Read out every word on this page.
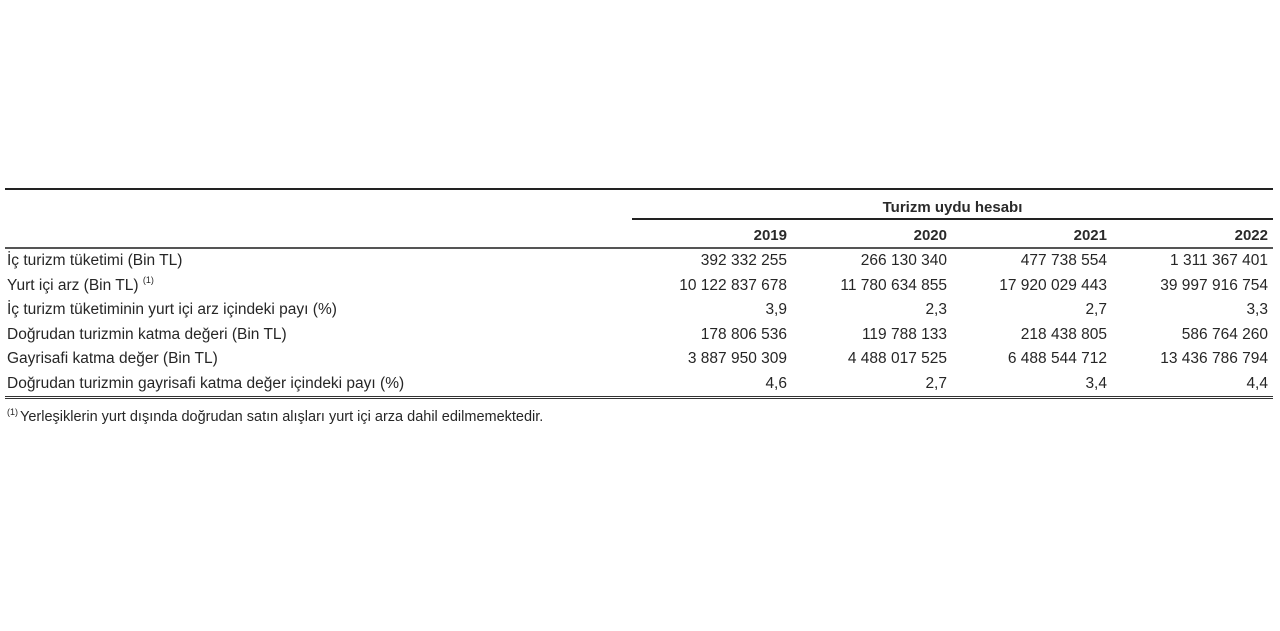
Turizm uydu hesabı
	2019	2020	2021	2022
İç turizm tüketimi (Bin TL)	392 332 255	266 130 340	477 738 554	1 311 367 401
Yurt içi arz (Bin TL) $^{(1)}$	10 122 837 678	11 780 634 855	17 920 029 443	39 997 916 754
İç turizm tüketiminin yurt içi arz içindeki payı (%)	3,9	2,3	2,7	3,3
Doğrudan turizmin katma değeri (Bin TL)	178 806 536	119 788 133	218 438 805	586 764 260
Gayrisafi katma değer (Bin TL)	3 887 950 309	4 488 017 525	6 488 544 712	13 436 786 794
Doğrudan turizmin gayrisafi katma değer içindeki payı (%)	4,6	2,7	3,4	4,4
$^{(1)}$ Yerleşiklerin yurt dışında doğrudan satın alışları yurt içi arza dahil edilmemektedir.
